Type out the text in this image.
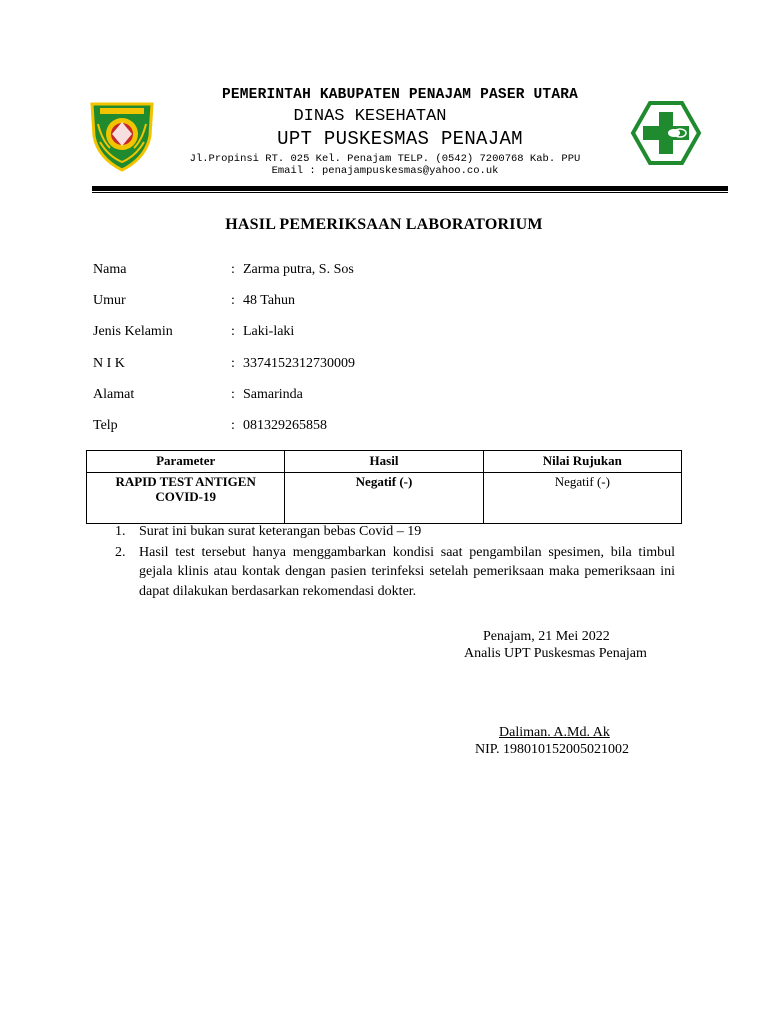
PEMERINTAH KABUPATEN PENAJAM PASER UTARA
DINAS KESEHATAN
UPT PUSKESMAS PENAJAM
Jl.Propinsi RT. 025 Kel. Penajam TELP. (0542) 7200768 Kab. PPU
Email : penajampuskesmas@yahoo.co.uk
HASIL PEMERIKSAAN LABORATORIUM
Nama	: Zarma putra, S. Sos
Umur	: 48 Tahun
Jenis Kelamin	: Laki-laki
N I K	: 3374152312730009
Alamat	: Samarinda
Telp	: 081329265858
Parameter	Hasil	Nilai Rujukan

RAPID TEST ANTIGEN
COVID-19	Negatif (-)	Negatif (-)
1. Surat ini bukan surat keterangan bebas Covid – 19
2. Hasil test tersebut hanya menggambarkan kondisi saat pengambilan spesimen, bila timbul gejala klinis atau kontak dengan pasien terinfeksi setelah pemeriksaan maka pemeriksaan ini dapat dilakukan berdasarkan rekomendasi dokter.
Penajam, 21 Mei 2022
Analis UPT Puskesmas Penajam
Daliman. A.Md. Ak
NIP. 198010152005021002
